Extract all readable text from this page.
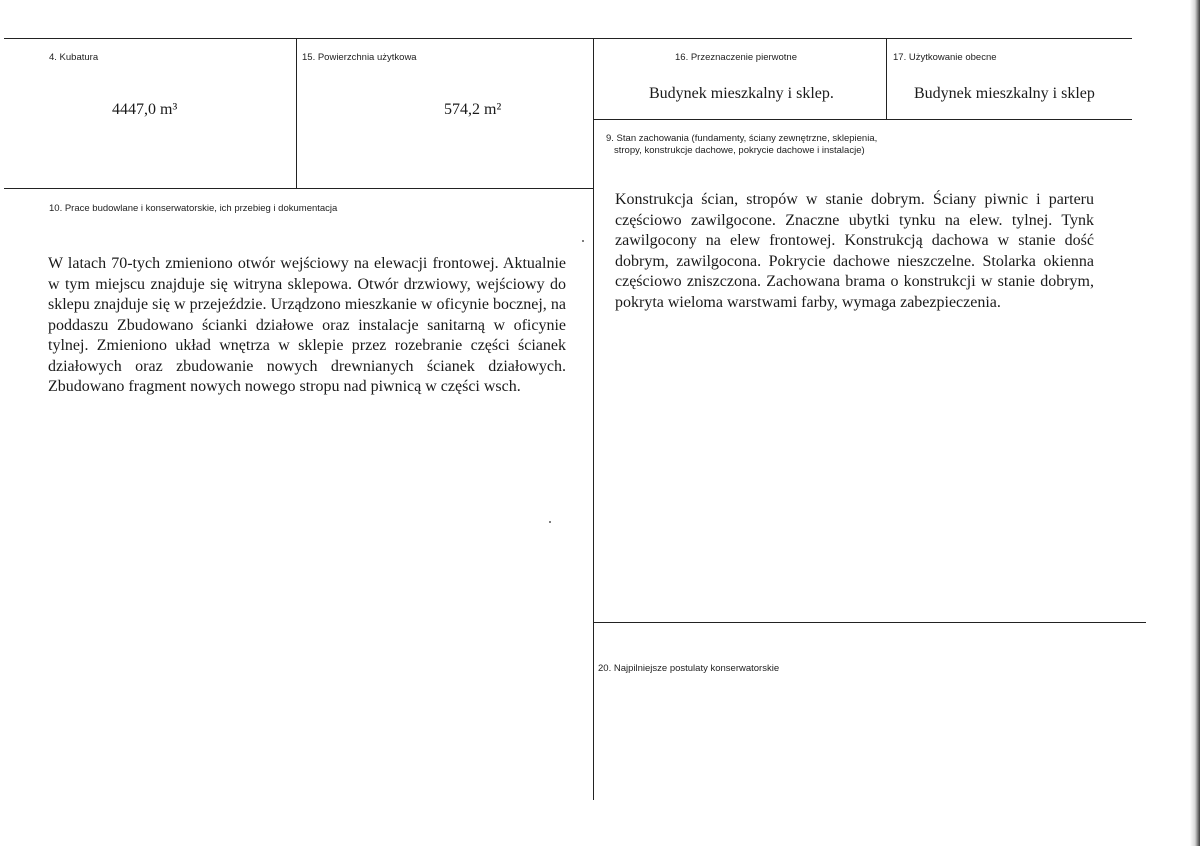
4. Kubatura

4447,0 m³

15. Powierzchnia użytkowa

574,2 m²

16. Przeznaczenie pierwotne

Budynek mieszkalny i sklep.

17. Użytkowanie obecne

Budynek mieszkalny i sklep

9. Stan zachowania (fundamenty, ściany zewnętrzne, sklepienia,

stropy, konstrukcje dachowe, pokrycie dachowe i instalacje)

Konstrukcja ścian, stropów w stanie dobrym. Ściany piwnic i parteru częściowo zawilgocone. Znaczne ubytki tynku na elew. tylnej. Tynk zawilgocony na elew frontowej. Konstrukcją dachowa w stanie dość dobrym, zawilgocona. Pokrycie dachowe nieszczelne. Stolarka okienna częściowo zniszczona. Zachowana brama o konstrukcji w stanie dobrym, pokryta wieloma warstwami farby, wymaga zabezpieczenia.

10. Prace budowlane i konserwatorskie, ich przebieg i dokumentacja

W latach 70-tych zmieniono otwór wejściowy na elewacji frontowej. Aktualnie w tym miejscu znajduje się witryna sklepowa. Otwór drzwiowy, wejściowy do sklepu znajduje się w przejeździe. Urządzono mieszkanie w oficynie bocznej, na poddaszu Zbudowano ścianki działowe oraz instalacje sanitarną w oficynie tylnej. Zmieniono układ wnętrza w sklepie przez rozebranie części ścianek działowych oraz zbudowanie nowych drewnianych ścianek działowych. Zbudowano fragment nowych nowego stropu nad piwnicą w części wsch.

20. Najpilniejsze postulaty konserwatorskie
